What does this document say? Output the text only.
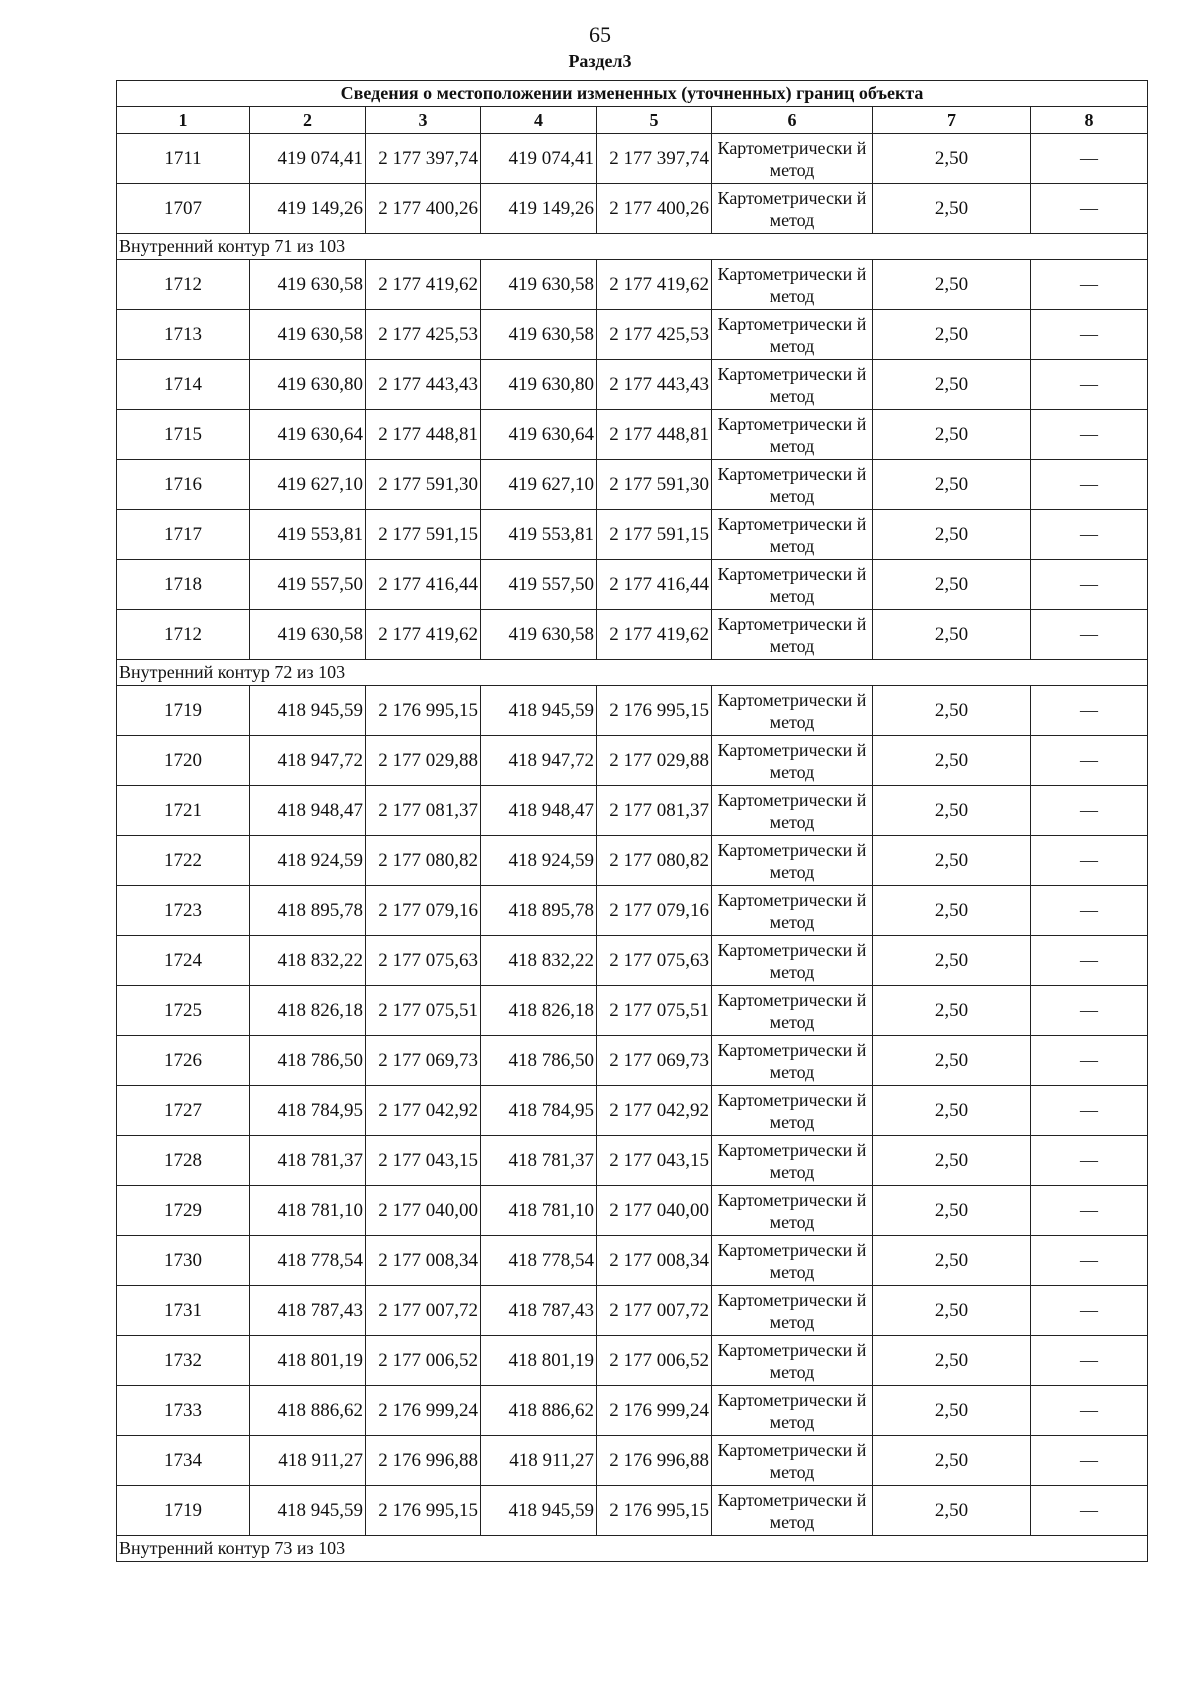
65
Раздел3
Сведения о местоположении измененных (уточненных) границ объекта							
1	2	3	4	5	6	7	8
1711	419 074,41	2 177 397,74	419 074,41	2 177 397,74	Картометрически й метод	2,50	—
1707	419 149,26	2 177 400,26	419 149,26	2 177 400,26	Картометрически й метод	2,50	—
Внутренний контур 71 из 103							
1712	419 630,58	2 177 419,62	419 630,58	2 177 419,62	Картометрически й метод	2,50	—
1713	419 630,58	2 177 425,53	419 630,58	2 177 425,53	Картометрически й метод	2,50	—
1714	419 630,80	2 177 443,43	419 630,80	2 177 443,43	Картометрически й метод	2,50	—
1715	419 630,64	2 177 448,81	419 630,64	2 177 448,81	Картометрически й метод	2,50	—
1716	419 627,10	2 177 591,30	419 627,10	2 177 591,30	Картометрически й метод	2,50	—
1717	419 553,81	2 177 591,15	419 553,81	2 177 591,15	Картометрически й метод	2,50	—
1718	419 557,50	2 177 416,44	419 557,50	2 177 416,44	Картометрически й метод	2,50	—
1712	419 630,58	2 177 419,62	419 630,58	2 177 419,62	Картометрически й метод	2,50	—
Внутренний контур 72 из 103							
1719	418 945,59	2 176 995,15	418 945,59	2 176 995,15	Картометрически й метод	2,50	—
1720	418 947,72	2 177 029,88	418 947,72	2 177 029,88	Картометрически й метод	2,50	—
1721	418 948,47	2 177 081,37	418 948,47	2 177 081,37	Картометрически й метод	2,50	—
1722	418 924,59	2 177 080,82	418 924,59	2 177 080,82	Картометрически й метод	2,50	—
1723	418 895,78	2 177 079,16	418 895,78	2 177 079,16	Картометрически й метод	2,50	—
1724	418 832,22	2 177 075,63	418 832,22	2 177 075,63	Картометрически й метод	2,50	—
1725	418 826,18	2 177 075,51	418 826,18	2 177 075,51	Картометрически й метод	2,50	—
1726	418 786,50	2 177 069,73	418 786,50	2 177 069,73	Картометрически й метод	2,50	—
1727	418 784,95	2 177 042,92	418 784,95	2 177 042,92	Картометрически й метод	2,50	—
1728	418 781,37	2 177 043,15	418 781,37	2 177 043,15	Картометрически й метод	2,50	—
1729	418 781,10	2 177 040,00	418 781,10	2 177 040,00	Картометрически й метод	2,50	—
1730	418 778,54	2 177 008,34	418 778,54	2 177 008,34	Картометрически й метод	2,50	—
1731	418 787,43	2 177 007,72	418 787,43	2 177 007,72	Картометрически й метод	2,50	—
1732	418 801,19	2 177 006,52	418 801,19	2 177 006,52	Картометрически й метод	2,50	—
1733	418 886,62	2 176 999,24	418 886,62	2 176 999,24	Картометрически й метод	2,50	—
1734	418 911,27	2 176 996,88	418 911,27	2 176 996,88	Картометрически й метод	2,50	—
1719	418 945,59	2 176 995,15	418 945,59	2 176 995,15	Картометрически й метод	2,50	—
Внутренний контур 73 из 103							
